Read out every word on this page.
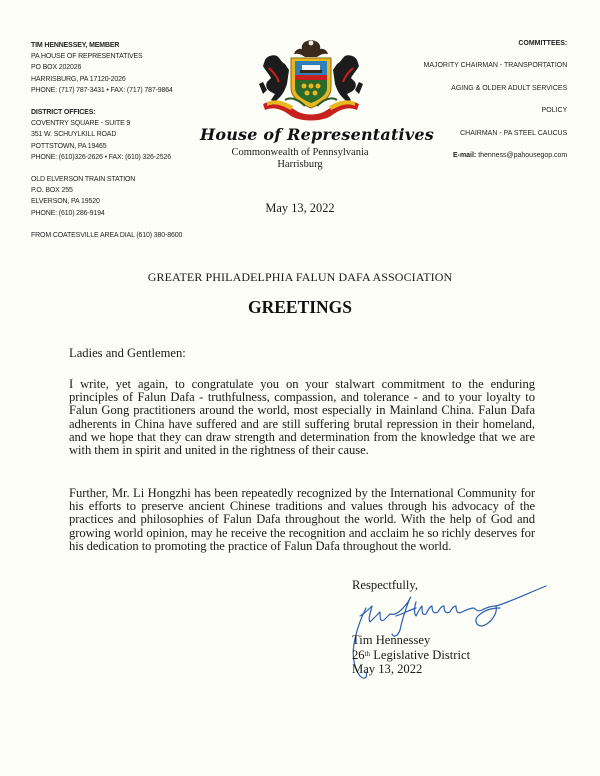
TIM HENNESSEY, MEMBER
PA HOUSE OF REPRESENTATIVES
PO BOX 202026
HARRISBURG, PA 17120-2026
PHONE: (717) 787-3431 • FAX: (717) 787-9864
DISTRICT OFFICES:
COVENTRY SQUARE - SUITE 9
351 W. SCHUYLKILL ROAD
POTTSTOWN, PA 19465
PHONE: (610)326-2626 • FAX: (610) 326-2526
OLD ELVERSON TRAIN STATION
P.O. BOX 255
ELVERSON, PA 19520
PHONE: (610) 286-9194
FROM COATESVILLE AREA DIAL (610) 380-8600
COMMITTEES:
MAJORITY CHAIRMAN - TRANSPORTATION
AGING & OLDER ADULT SERVICES
POLICY
CHAIRMAN - PA STEEL CAUCUS
E-mail: thenness@pahousegop.com
House of Representatives
Commonwealth of Pennsylvania
Harrisburg
May 13, 2022
GREATER PHILADELPHIA FALUN DAFA ASSOCIATION
GREETINGS
Ladies and Gentlemen:
I write, yet again, to congratulate you on your stalwart commitment to the enduring principles of Falun Dafa - truthfulness, compassion, and tolerance - and to your loyalty to Falun Gong practitioners around the world, most especially in Mainland China. Falun Dafa adherents in China have suffered and are still suffering brutal repression in their homeland, and we hope that they can draw strength and determination from the knowledge that we are with them in spirit and united in the rightness of their cause.
Further, Mr. Li Hongzhi has been repeatedly recognized by the International Community for his efforts to preserve ancient Chinese traditions and values through his advocacy of the practices and philosophies of Falun Dafa throughout the world. With the help of God and growing world opinion, may he receive the recognition and acclaim he so richly deserves for his dedication to promoting the practice of Falun Dafa throughout the world.
Respectfully,
Tim Hennessey
26th Legislative District
May 13, 2022
